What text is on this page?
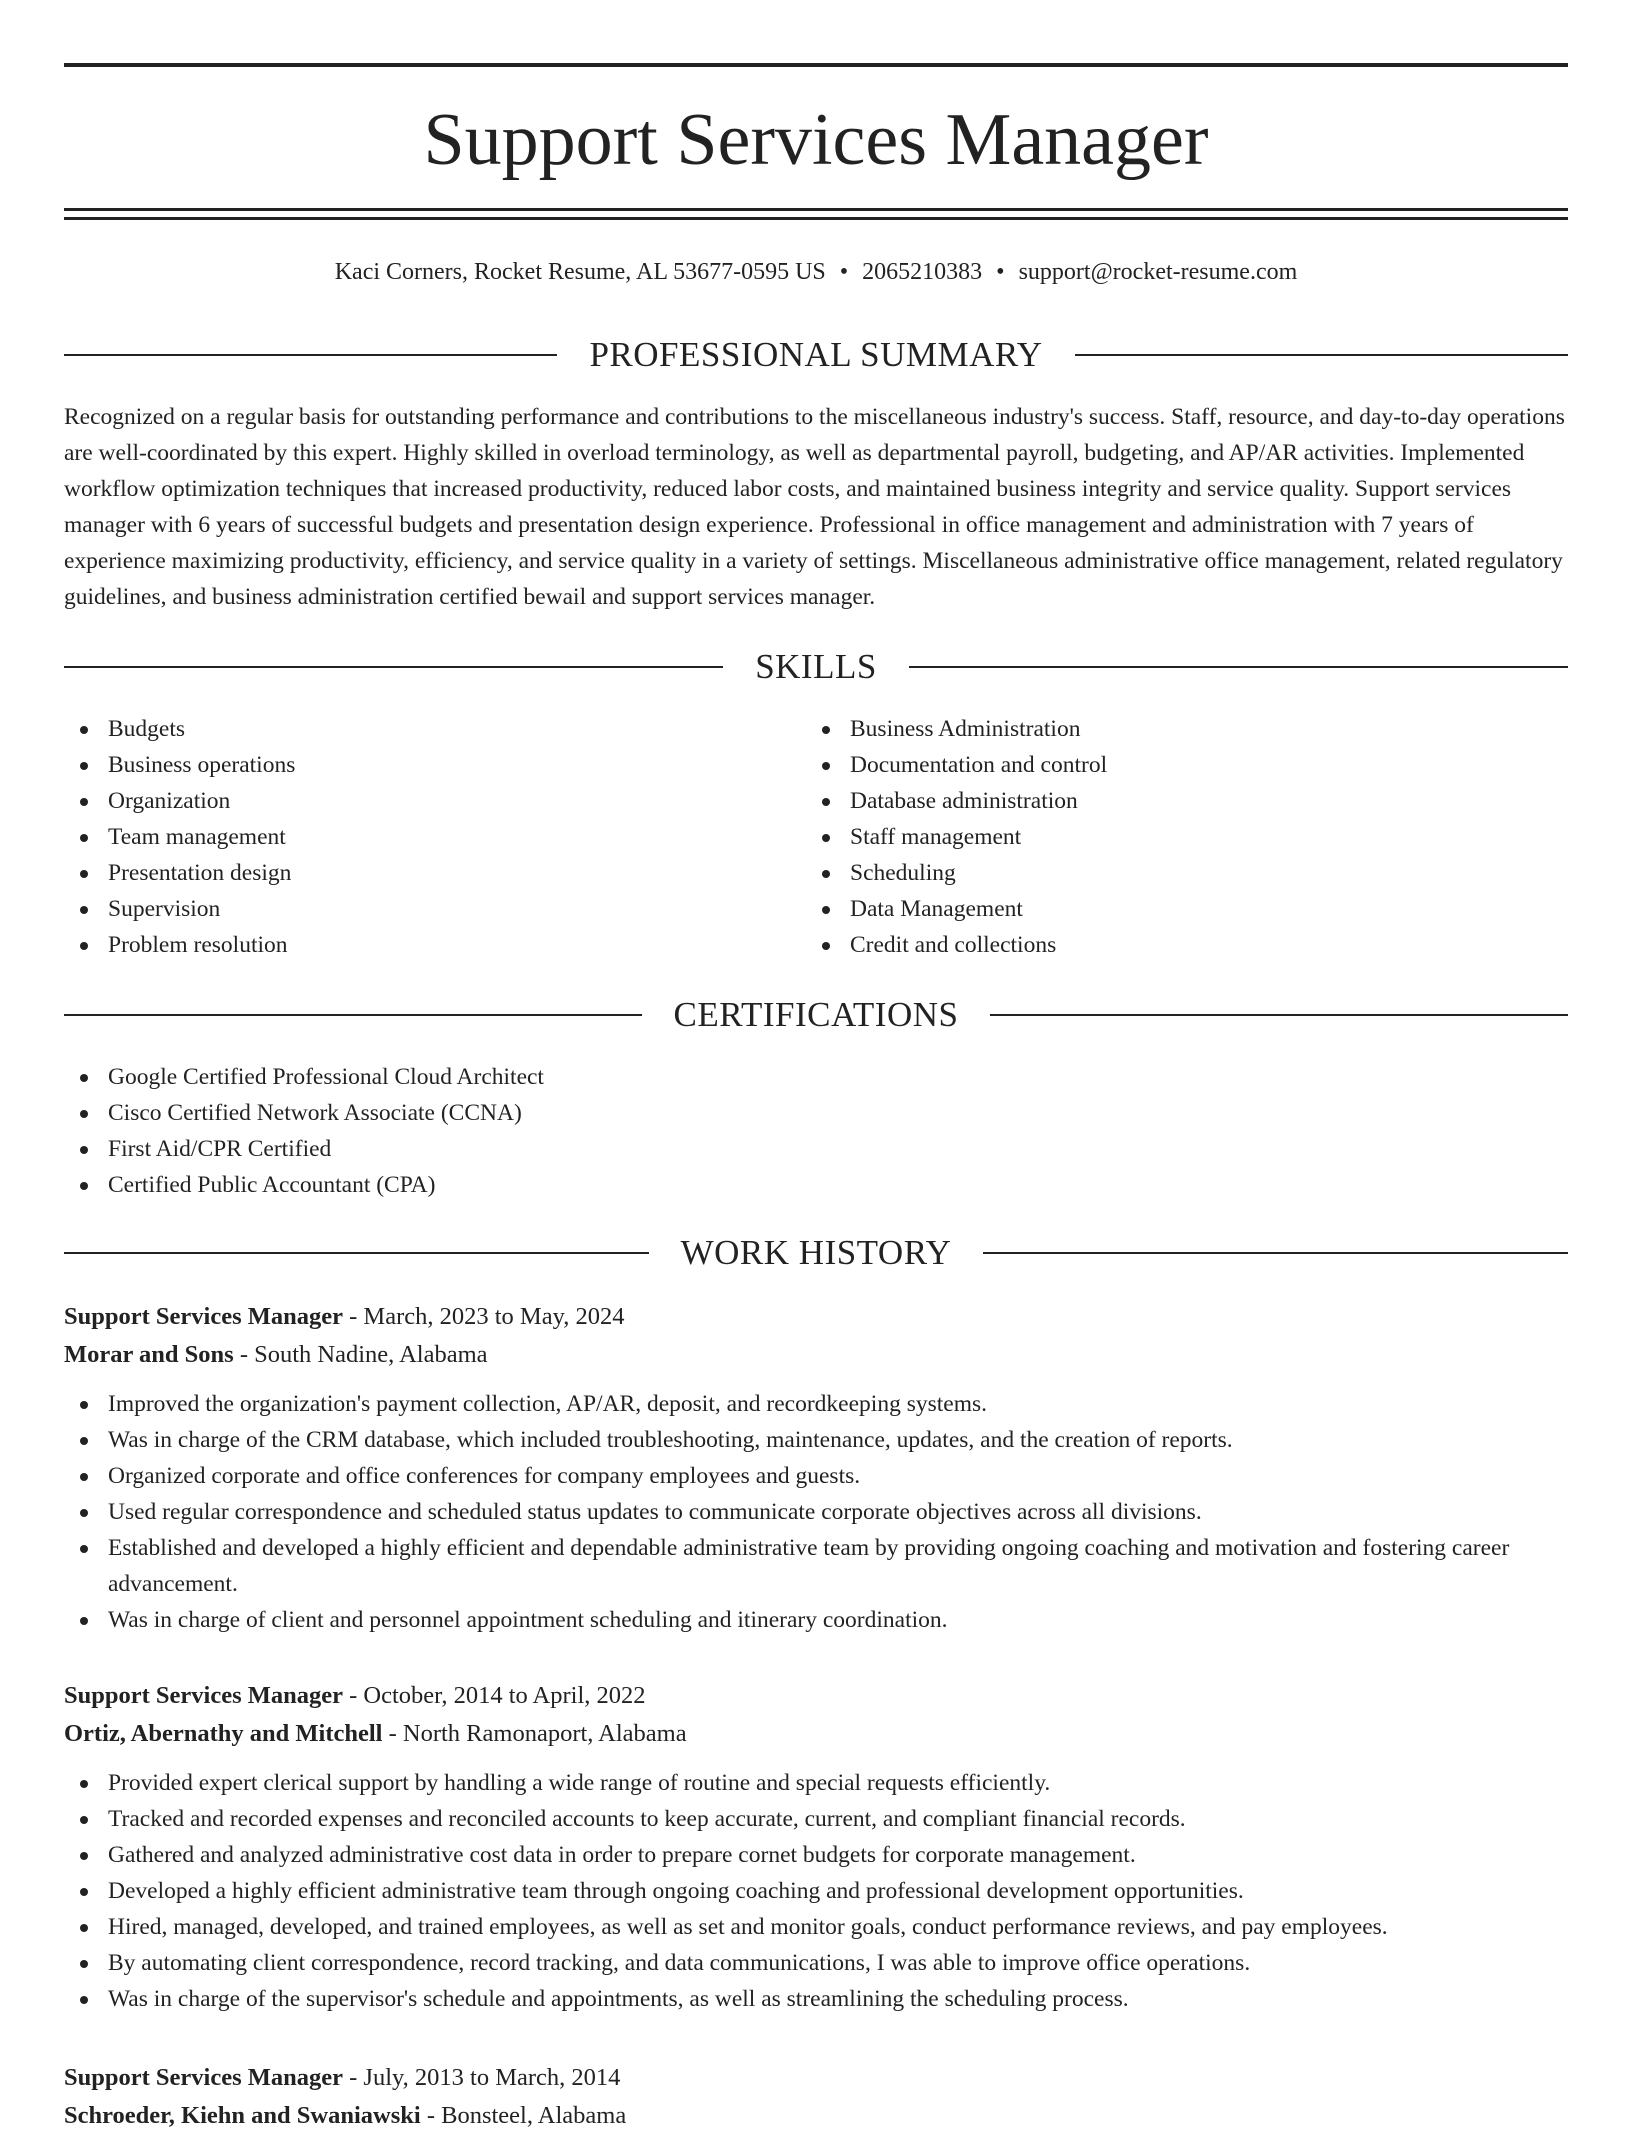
Support Services Manager
Kaci Corners, Rocket Resume, AL 53677-0595 US • 2065210383 • support@rocket-resume.com
PROFESSIONAL SUMMARY

Recognized on a regular basis for outstanding performance and contributions to the miscellaneous industry's success. Staff, resource, and day-to-day operations are well-coordinated by this expert. Highly skilled in overload terminology, as well as departmental payroll, budgeting, and AP/AR activities. Implemented workflow optimization techniques that increased productivity, reduced labor costs, and maintained business integrity and service quality. Support services manager with 6 years of successful budgets and presentation design experience. Professional in office management and administration with 7 years of experience maximizing productivity, efficiency, and service quality in a variety of settings. Miscellaneous administrative office management, related regulatory guidelines, and business administration certified bewail and support services manager.

SKILLS
Budgets
Business operations
Organization
Team management
Presentation design
Supervision
Problem resolution
Business Administration
Documentation and control
Database administration
Staff management
Scheduling
Data Management
Credit and collections
CERTIFICATIONS
Google Certified Professional Cloud Architect
Cisco Certified Network Associate (CCNA)
First Aid/CPR Certified
Certified Public Accountant (CPA)
WORK HISTORY
Support Services Manager - March, 2023 to May, 2024
Morar and Sons - South Nadine, Alabama
Improved the organization's payment collection, AP/AR, deposit, and recordkeeping systems.
Was in charge of the CRM database, which included troubleshooting, maintenance, updates, and the creation of reports.
Organized corporate and office conferences for company employees and guests.
Used regular correspondence and scheduled status updates to communicate corporate objectives across all divisions.
Established and developed a highly efficient and dependable administrative team by providing ongoing coaching and motivation and fostering career advancement.
Was in charge of client and personnel appointment scheduling and itinerary coordination.
Support Services Manager - October, 2014 to April, 2022
Ortiz, Abernathy and Mitchell - North Ramonaport, Alabama
Provided expert clerical support by handling a wide range of routine and special requests efficiently.
Tracked and recorded expenses and reconciled accounts to keep accurate, current, and compliant financial records.
Gathered and analyzed administrative cost data in order to prepare cornet budgets for corporate management.
Developed a highly efficient administrative team through ongoing coaching and professional development opportunities.
Hired, managed, developed, and trained employees, as well as set and monitor goals, conduct performance reviews, and pay employees.
By automating client correspondence, record tracking, and data communications, I was able to improve office operations.
Was in charge of the supervisor's schedule and appointments, as well as streamlining the scheduling process.
Support Services Manager - July, 2013 to March, 2014
Schroeder, Kiehn and Swaniawski - Bonsteel, Alabama
